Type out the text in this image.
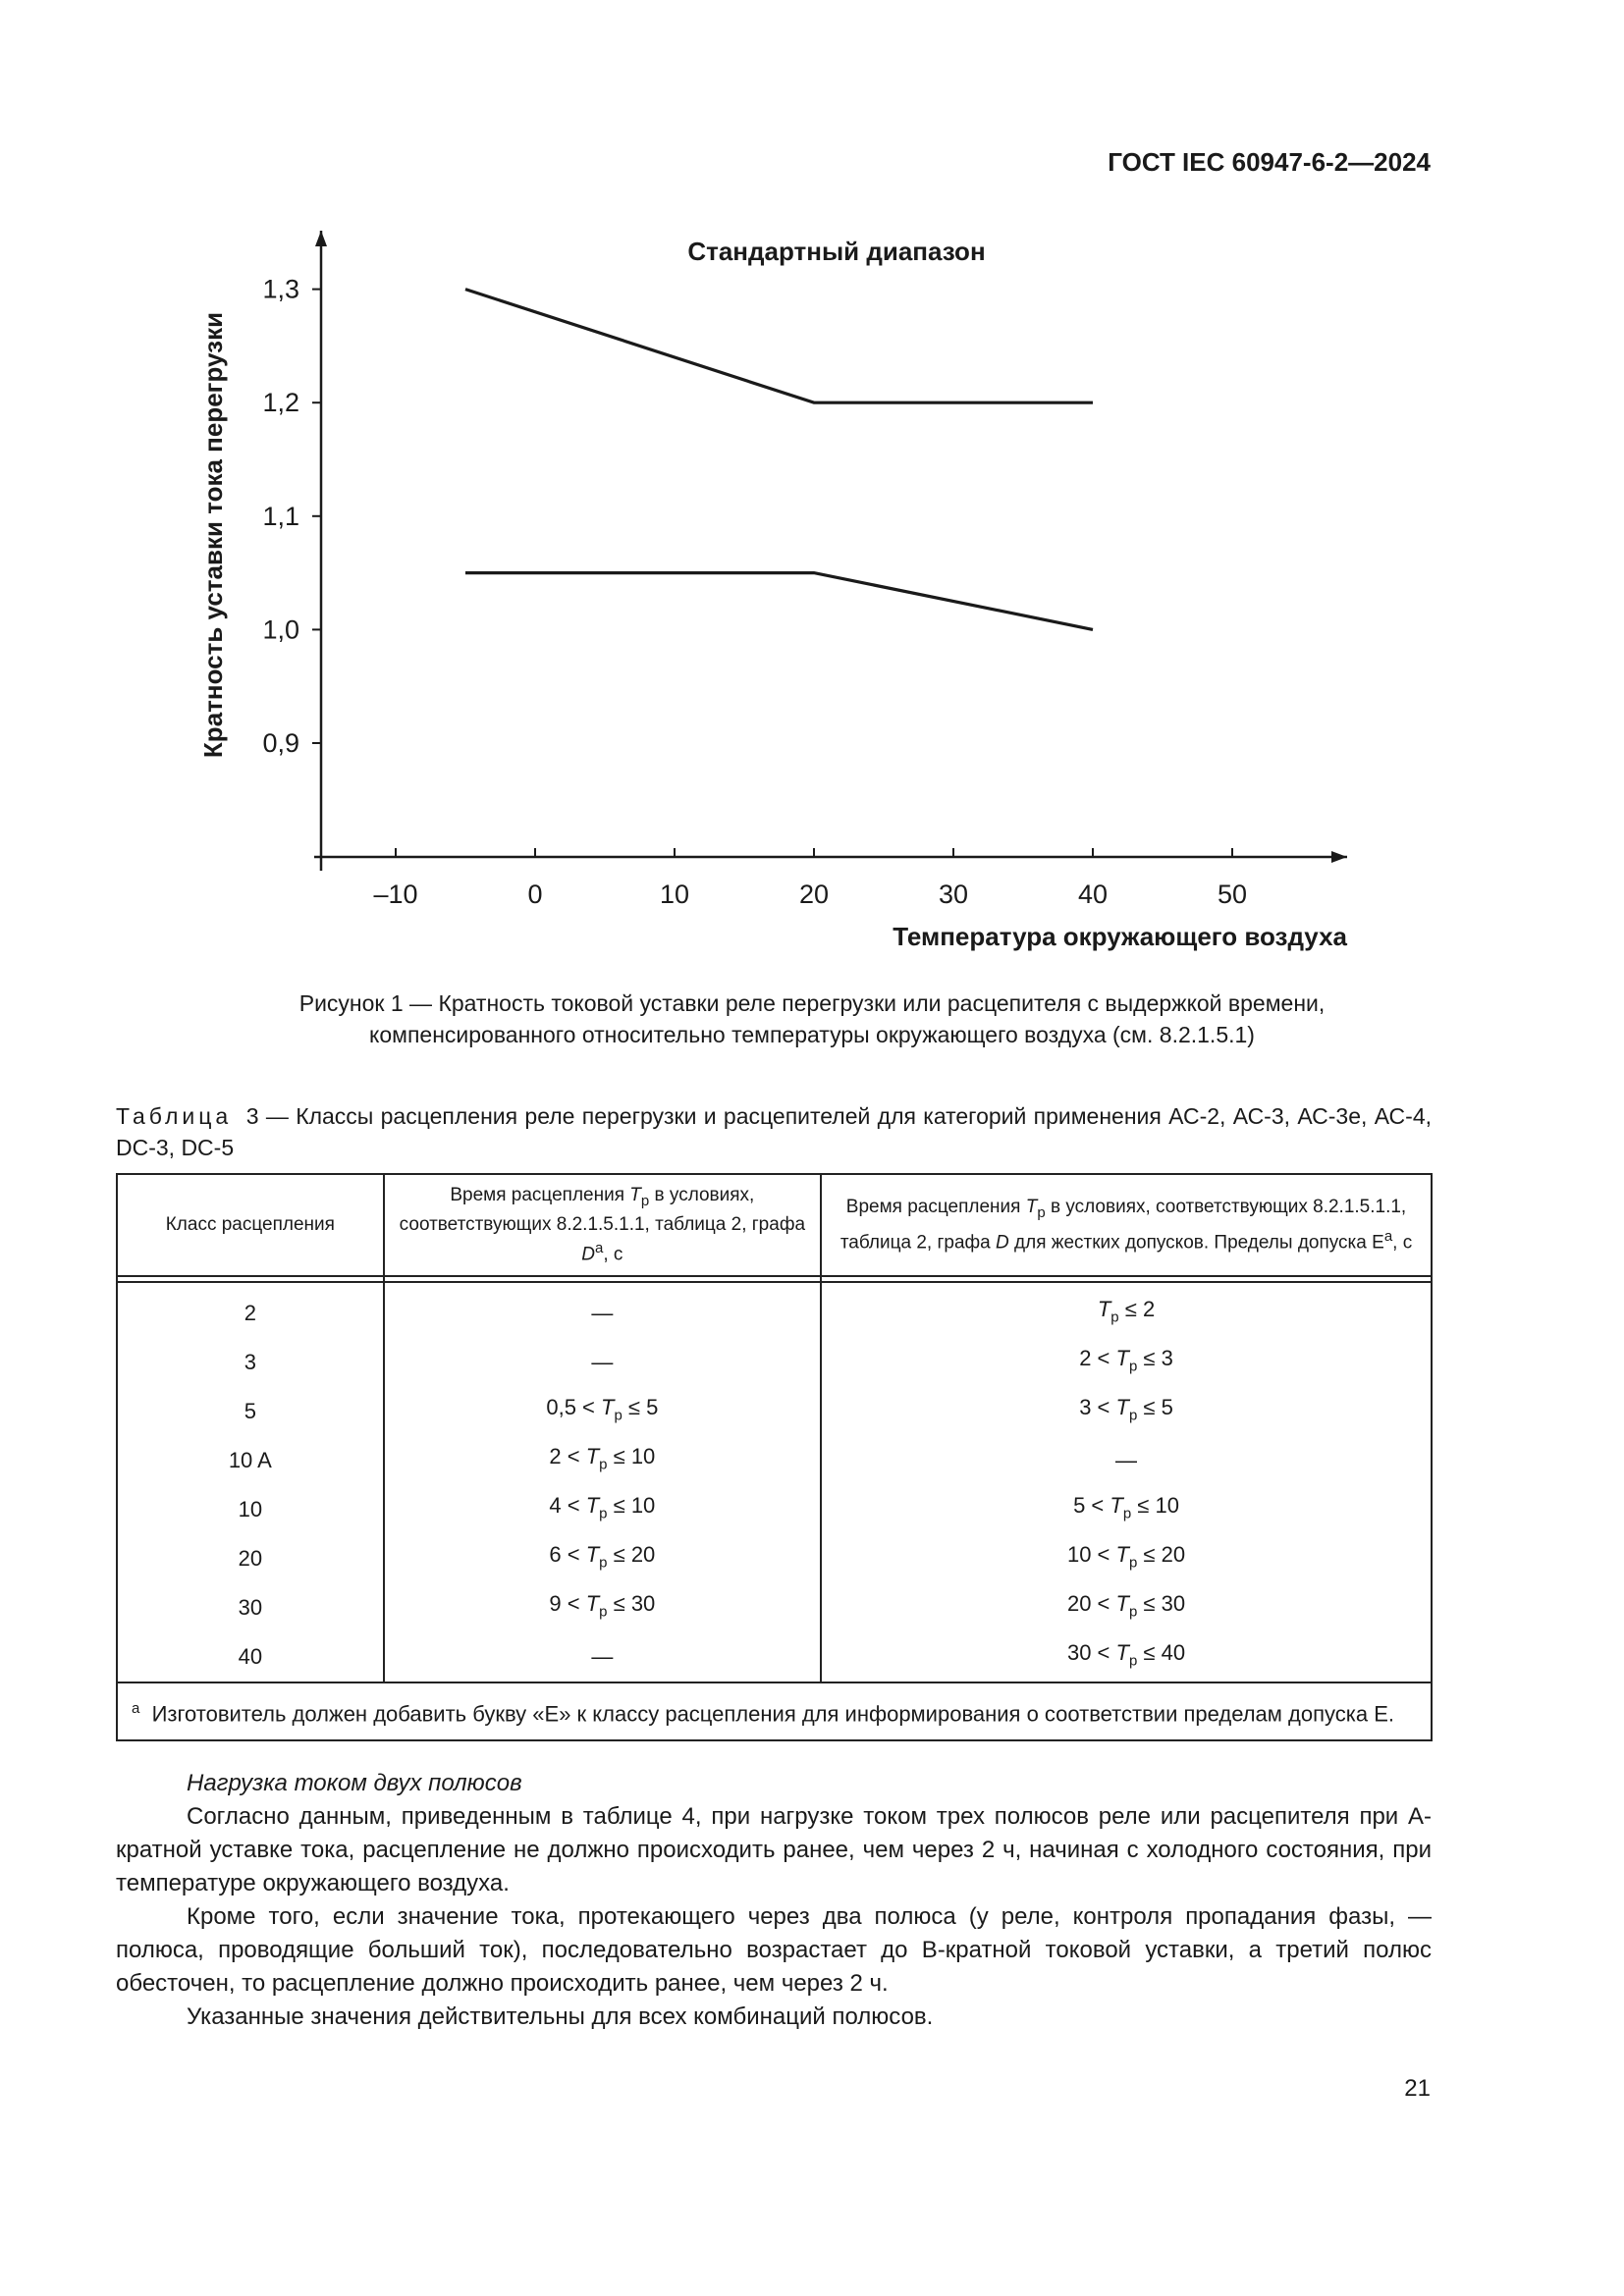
ГОСТ IEC 60947-6-2—2024
–10	0	10	20	30	40	50
0,9
1,0
1,1
1,2
1,3
Стандартный диапазон
Температура окружающего воздуха
Кратность уставки тока перегрузки
Рисунок 1 — Кратность токовой уставки реле перегрузки или расцепителя с выдержкой времени,
компенсированного относительно температуры окружающего воздуха (см. 8.2.1.5.1)
Таблица 3 — Классы расцепления реле перегрузки и расцепителей для категорий применения АС-2, АС-3, АС-3е, АС-4, DC-3, DC-5
Класс расцепления	Время расцепления $T_р$ в условиях, соответствующих 8.2.1.5.1.1, таблица 2, графа $D^a$, с	Время расцепления $T_р$ в условиях, соответствующих 8.2.1.5.1.1, таблица 2, графа D для жестких допусков. Пределы допуска $E^a$, с

2	—	$T_р \le 2$
3	—	$2 < T_р \le 3$
5	$0,5 < T_р \le 5$	$3 < T_р \le 5$
10 A	$2 < T_р \le 10$	—
10	$4 < T_р \le 10$	$5 < T_р \le 10$
20	$6 < T_р \le 20$	$10 < T_р \le 20$
30	$9 < T_р \le 30$	$20 < T_р \le 30$
40	—	$30 < T_р \le 40$
$^a$ Изготовитель должен добавить букву «E» к классу расцепления для информирования о соответствии пределам допуска E.		

Нагрузка током двух полюсов

Согласно данным, приведенным в таблице 4, при нагрузке током трех полюсов реле или расцепителя при A-кратной уставке тока, расцепление не должно происходить ранее, чем через 2 ч, начиная с холодного состояния, при температуре окружающего воздуха.

Кроме того, если значение тока, протекающего через два полюса (у реле, контроля пропадания фазы, — полюса, проводящие больший ток), последовательно возрастает до B-кратной токовой уставки, а третий полюс обесточен, то расцепление должно происходить ранее, чем через 2 ч.

Указанные значения действительны для всех комбинаций полюсов.

21
